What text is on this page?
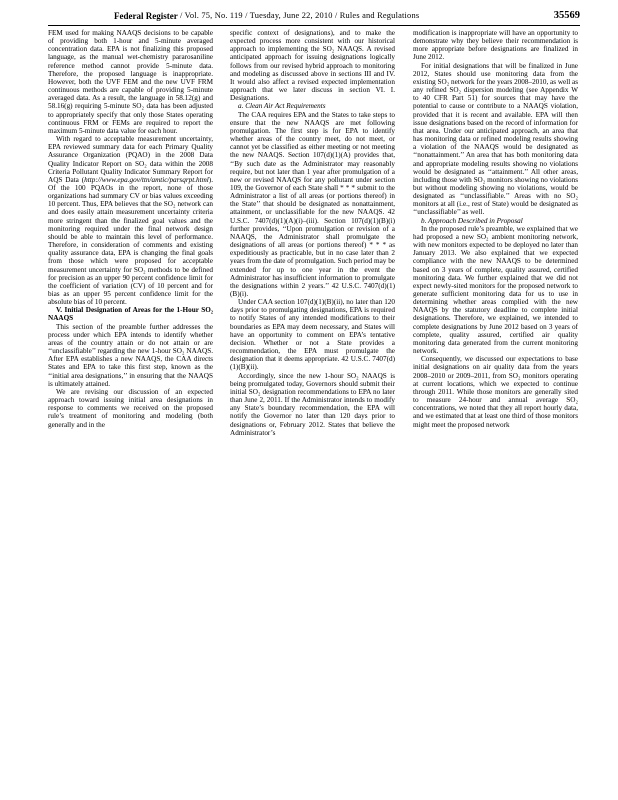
Federal Register / Vol. 75, No. 119 / Tuesday, June 22, 2010 / Rules and Regulations	35569

FEM used for making NAAQS decisions to be capable of providing both 1-hour and 5-minute averaged concentration data. EPA is not finalizing this proposed language, as the manual wet-chemistry pararosaniline reference method cannot provide 5-minute data. Therefore, the proposed language is inappropriate. However, both the UVF FEM and the new UVF FRM continuous methods are capable of providing 5-minute averaged data. As a result, the language in 58.12(g) and 58.16(g) requiring 5-minute SO₂ data has been adjusted to appropriately specify that only those States operating continuous FRM or FEMs are required to report the maximum 5-minute data value for each hour.

With regard to acceptable measurement uncertainty, EPA reviewed summary data for each Primary Quality Assurance Organization (PQAO) in the 2008 Data Quality Indicator Report on SO₂ data within the 2008 Criteria Pollutant Quality Indicator Summary Report for AQS Data (http://www.epa.gov/ttn/amtic/parsqrpt.html). Of the 100 PQAOs in the report, none of those organizations had summary CV or bias values exceeding 10 percent. Thus, EPA believes that the SO₂ network can and does easily attain measurement uncertainty criteria more stringent than the finalized goal values and the monitoring required under the final network design should be able to maintain this level of performance. Therefore, in consideration of comments and existing quality assurance data, EPA is changing the final goals from those which were proposed for acceptable measurement uncertainty for SO₂ methods to be defined for precision as an upper 90 percent confidence limit for the coefficient of variation (CV) of 10 percent and for bias as an upper 95 percent confidence limit for the absolute bias of 10 percent.

V. Initial Designation of Areas for the 1-Hour SO₂ NAAQS

This section of the preamble further addresses the process under which EPA intends to identify whether areas of the country attain or do not attain or are ‘‘unclassifiable’’ regarding the new 1-hour SO₂ NAAQS. After EPA establishes a new NAAQS, the CAA directs States and EPA to take this first step, known as the ‘‘initial area designations,’’ in ensuring that the NAAQS is ultimately attained.

We are revising our discussion of an expected approach toward issuing initial area designations in response to comments we received on the proposed rule’s treatment of monitoring and modeling (both generally and in the

specific context of designations), and to make the expected process more consistent with our historical approach to implementing the SO₂ NAAQS. A revised anticipated approach for issuing designations logically follows from our revised hybrid approach to monitoring and modeling as discussed above in sections III and IV. It would also affect a revised expected implementation approach that we later discuss in section VI. I. Designations.

a. Clean Air Act Requirements

The CAA requires EPA and the States to take steps to ensure that the new NAAQS are met following promulgation. The first step is for EPA to identify whether areas of the country meet, do not meet, or cannot yet be classified as either meeting or not meeting the new NAAQS. Section 107(d)(1)(A) provides that, ‘‘By such date as the Administrator may reasonably require, but not later than 1 year after promulgation of a new or revised NAAQS for any pollutant under section 109, the Governor of each State shall * * * submit to the Administrator a list of all areas (or portions thereof) in the State’’ that should be designated as nonattainment, attainment, or unclassifiable for the new NAAQS. 42 U.S.C. 7407(d)(1)(A)(i)–(iii). Section 107(d)(1)(B)(i) further provides, ‘‘Upon promulgation or revision of a NAAQS, the Administrator shall promulgate the designations of all areas (or portions thereof) * * * as expeditiously as practicable, but in no case later than 2 years from the date of promulgation. Such period may be extended for up to one year in the event the Administrator has insufficient information to promulgate the designations within 2 years.’’ 42 U.S.C. 7407(d)(1)(B)(i).

Under CAA section 107(d)(1)(B)(ii), no later than 120 days prior to promulgating designations, EPA is required to notify States of any intended modifications to their boundaries as EPA may deem necessary, and States will have an opportunity to comment on EPA’s tentative decision. Whether or not a State provides a recommendation, the EPA must promulgate the designation that it deems appropriate. 42 U.S.C. 7407(d)(1)(B)(ii).

Accordingly, since the new 1-hour SO₂ NAAQS is being promulgated today, Governors should submit their initial SO₂ designation recommendations to EPA no later than June 2, 2011. If the Administrator intends to modify any State’s boundary recommendation, the EPA will notify the Governor no later than 120 days prior to designations or, February 2012. States that believe the Administrator’s

modification is inappropriate will have an opportunity to demonstrate why they believe their recommendation is more appropriate before designations are finalized in June 2012.

For initial designations that will be finalized in June 2012, States should use monitoring data from the existing SO₂ network for the years 2008–2010, as well as any refined SO₂ dispersion modeling (see Appendix W to 40 CFR Part 51) for sources that may have the potential to cause or contribute to a NAAQS violation, provided that it is recent and available. EPA will then issue designations based on the record of information for that area. Under our anticipated approach, an area that has monitoring data or refined modeling results showing a violation of the NAAQS would be designated as ‘‘nonattainment.’’ An area that has both monitoring data and appropriate modeling results showing no violations would be designated as ‘‘attainment.’’ All other areas, including those with SO₂ monitors showing no violations but without modeling showing no violations, would be designated as ‘‘unclassifiable.’’ Areas with no SO₂ monitors at all (i.e., rest of State) would be designated as ‘‘unclassifiable’’ as well.

b. Approach Described in Proposal

In the proposed rule’s preamble, we explained that we had proposed a new SO₂ ambient monitoring network, with new monitors expected to be deployed no later than January 2013. We also explained that we expected compliance with the new NAAQS to be determined based on 3 years of complete, quality assured, certified monitoring data. We further explained that we did not expect newly-sited monitors for the proposed network to generate sufficient monitoring data for us to use in determining whether areas complied with the new NAAQS by the statutory deadline to complete initial designations. Therefore, we explained, we intended to complete designations by June 2012 based on 3 years of complete, quality assured, certified air quality monitoring data generated from the current monitoring network.

Consequently, we discussed our expectations to base initial designations on air quality data from the years 2008–2010 or 2009–2011, from SO₂ monitors operating at current locations, which we expected to continue through 2011. While those monitors are generally sited to measure 24-hour and annual average SO₂ concentrations, we noted that they all report hourly data, and we estimated that at least one third of those monitors might meet the proposed network
